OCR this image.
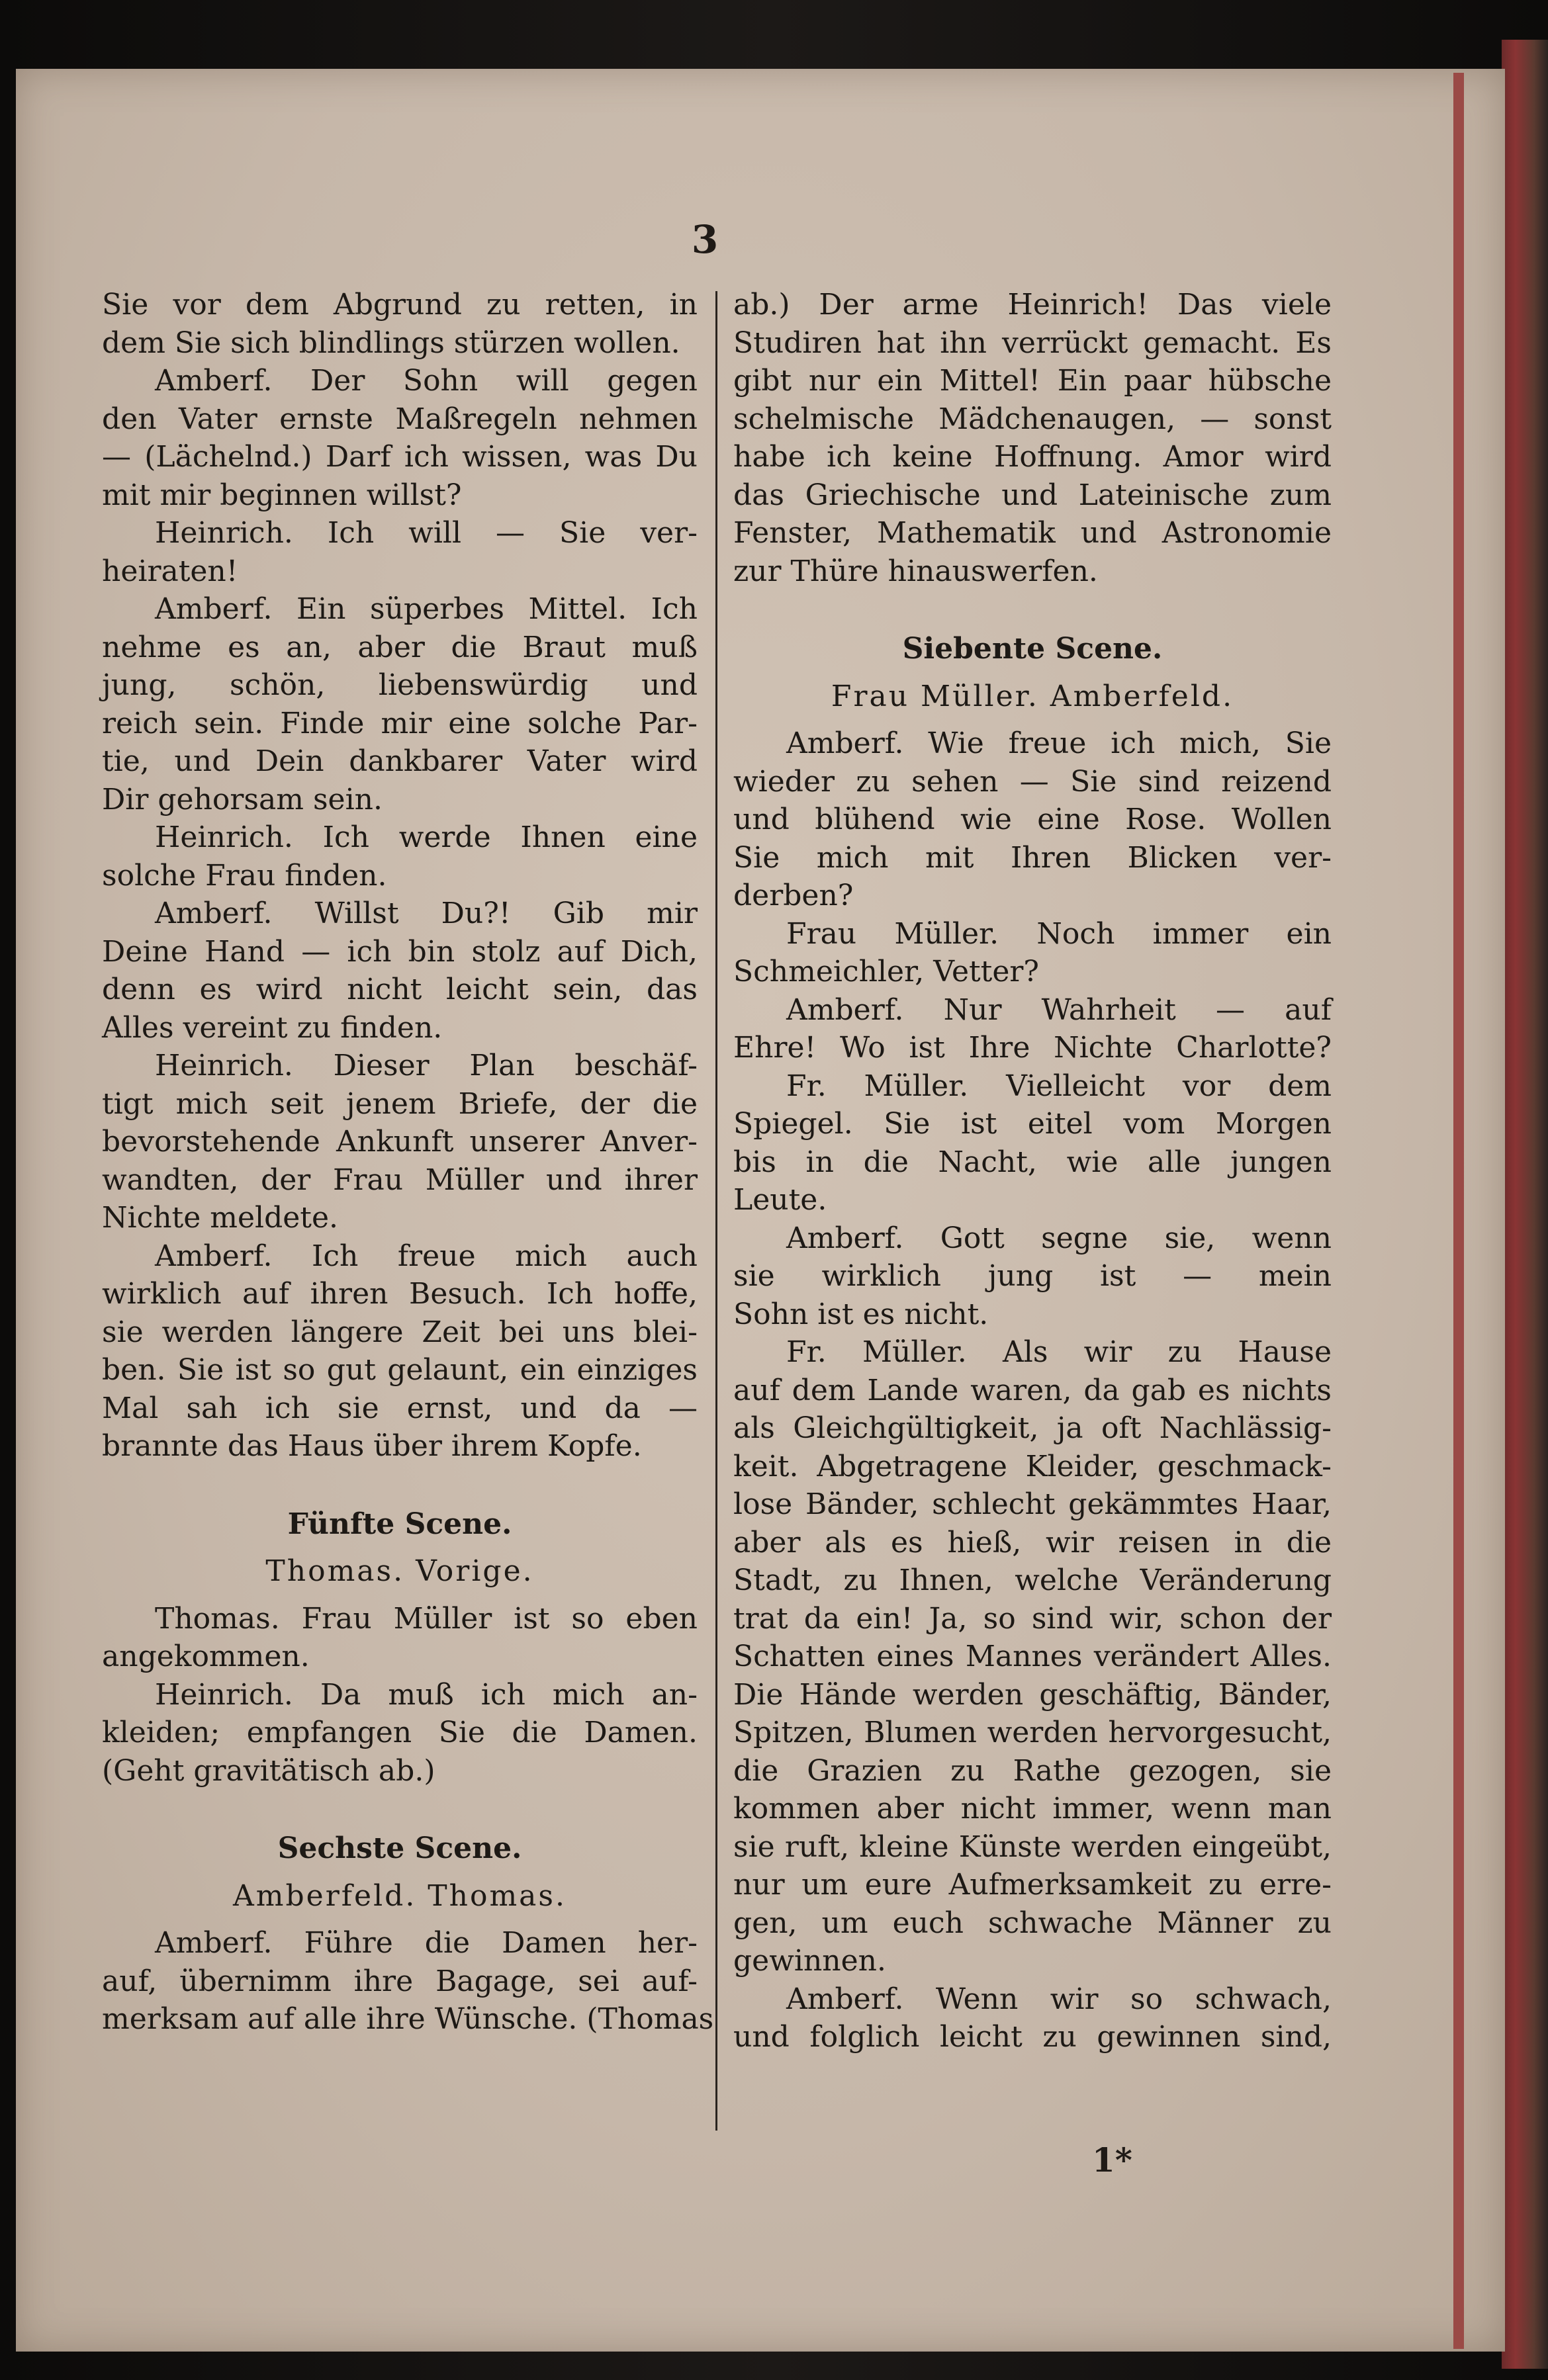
3
Sie vor dem Abgrund zu retten, in
dem Sie sich blindlings stürzen wollen.
Amberf. Der Sohn will gegen
den Vater ernste Maßregeln nehmen
— (Lächelnd.) Darf ich wissen, was Du
mit mir beginnen willst?
Heinrich. Ich will — Sie ver-
heiraten!
Amberf. Ein süperbes Mittel. Ich
nehme es an, aber die Braut muß
jung, schön, liebenswürdig und
reich sein. Finde mir eine solche Par-
tie, und Dein dankbarer Vater wird
Dir gehorsam sein.
Heinrich. Ich werde Ihnen eine
solche Frau finden.
Amberf. Willst Du?! Gib mir
Deine Hand — ich bin stolz auf Dich,
denn es wird nicht leicht sein, das
Alles vereint zu finden.
Heinrich. Dieser Plan beschäf-
tigt mich seit jenem Briefe, der die
bevorstehende Ankunft unserer Anver-
wandten, der Frau Müller und ihrer
Nichte meldete.
Amberf. Ich freue mich auch
wirklich auf ihren Besuch. Ich hoffe,
sie werden längere Zeit bei uns blei-
ben. Sie ist so gut gelaunt, ein einziges
Mal sah ich sie ernst, und da —
brannte das Haus über ihrem Kopfe.
Fünfte Scene.
Thomas. Vorige.
Thomas. Frau Müller ist so eben
angekommen.
Heinrich. Da muß ich mich an-
kleiden; empfangen Sie die Damen.
(Geht gravitätisch ab.)
Sechste Scene.
Amberfeld. Thomas.
Amberf. Führe die Damen her-
auf, übernimm ihre Bagage, sei auf-
merksam auf alle ihre Wünsche. (Thomas
ab.) Der arme Heinrich! Das viele
Studiren hat ihn verrückt gemacht. Es
gibt nur ein Mittel! Ein paar hübsche
schelmische Mädchenaugen, — sonst
habe ich keine Hoffnung. Amor wird
das Griechische und Lateinische zum
Fenster, Mathematik und Astronomie
zur Thüre hinauswerfen.
Siebente Scene.
Frau Müller. Amberfeld.
Amberf. Wie freue ich mich, Sie
wieder zu sehen — Sie sind reizend
und blühend wie eine Rose. Wollen
Sie mich mit Ihren Blicken ver-
derben?
Frau Müller. Noch immer ein
Schmeichler, Vetter?
Amberf. Nur Wahrheit — auf
Ehre! Wo ist Ihre Nichte Charlotte?
Fr. Müller. Vielleicht vor dem
Spiegel. Sie ist eitel vom Morgen
bis in die Nacht, wie alle jungen
Leute.
Amberf. Gott segne sie, wenn
sie wirklich jung ist — mein
Sohn ist es nicht.
Fr. Müller. Als wir zu Hause
auf dem Lande waren, da gab es nichts
als Gleichgültigkeit, ja oft Nachlässig-
keit. Abgetragene Kleider, geschmack-
lose Bänder, schlecht gekämmtes Haar,
aber als es hieß, wir reisen in die
Stadt, zu Ihnen, welche Veränderung
trat da ein! Ja, so sind wir, schon der
Schatten eines Mannes verändert Alles.
Die Hände werden geschäftig, Bänder,
Spitzen, Blumen werden hervorgesucht,
die Grazien zu Rathe gezogen, sie
kommen aber nicht immer, wenn man
sie ruft, kleine Künste werden eingeübt,
nur um eure Aufmerksamkeit zu erre-
gen, um euch schwache Männer zu
gewinnen.
Amberf. Wenn wir so schwach,
und folglich leicht zu gewinnen sind,
1*
